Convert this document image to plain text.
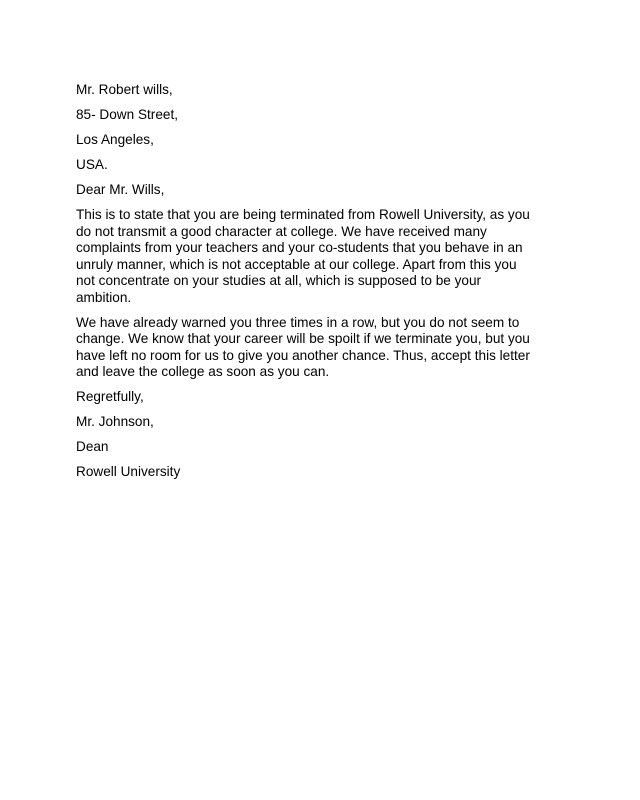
Mr. Robert wills,
85- Down Street,
Los Angeles,
USA.
Dear Mr. Wills,
This is to state that you are being terminated from Rowell University, as you
do not transmit a good character at college. We have received many
complaints from your teachers and your co-students that you behave in an
unruly manner, which is not acceptable at our college. Apart from this you
not concentrate on your studies at all, which is supposed to be your
ambition.
We have already warned you three times in a row, but you do not seem to
change. We know that your career will be spoilt if we terminate you, but you
have left no room for us to give you another chance. Thus, accept this letter
and leave the college as soon as you can.
Regretfully,
Mr. Johnson,
Dean
Rowell University
